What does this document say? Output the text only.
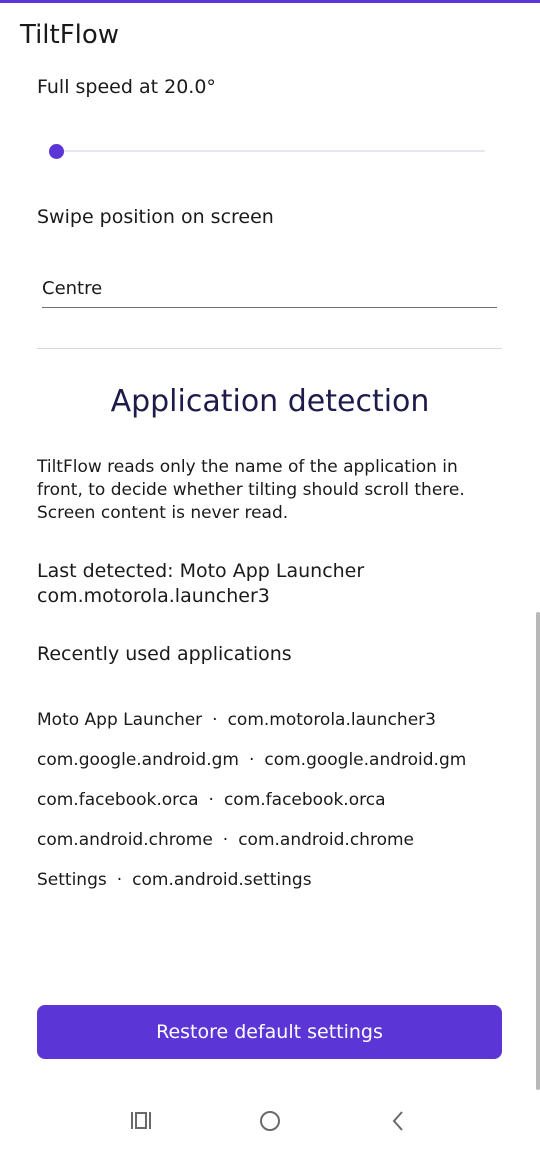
TiltFlow
Full speed at 20.0°
Swipe position on screen
Centre
Application detection
TiltFlow reads only the name of the application in front, to decide whether tilting should scroll there. Screen content is never read.
Last detected: Moto App Launcher
com.motorola.launcher3
Recently used applications
Moto App Launcher · com.motorola.launcher3
com.google.android.gm · com.google.android.gm
com.facebook.orca · com.facebook.orca
com.android.chrome · com.android.chrome
Settings · com.android.settings
Restore default settings
